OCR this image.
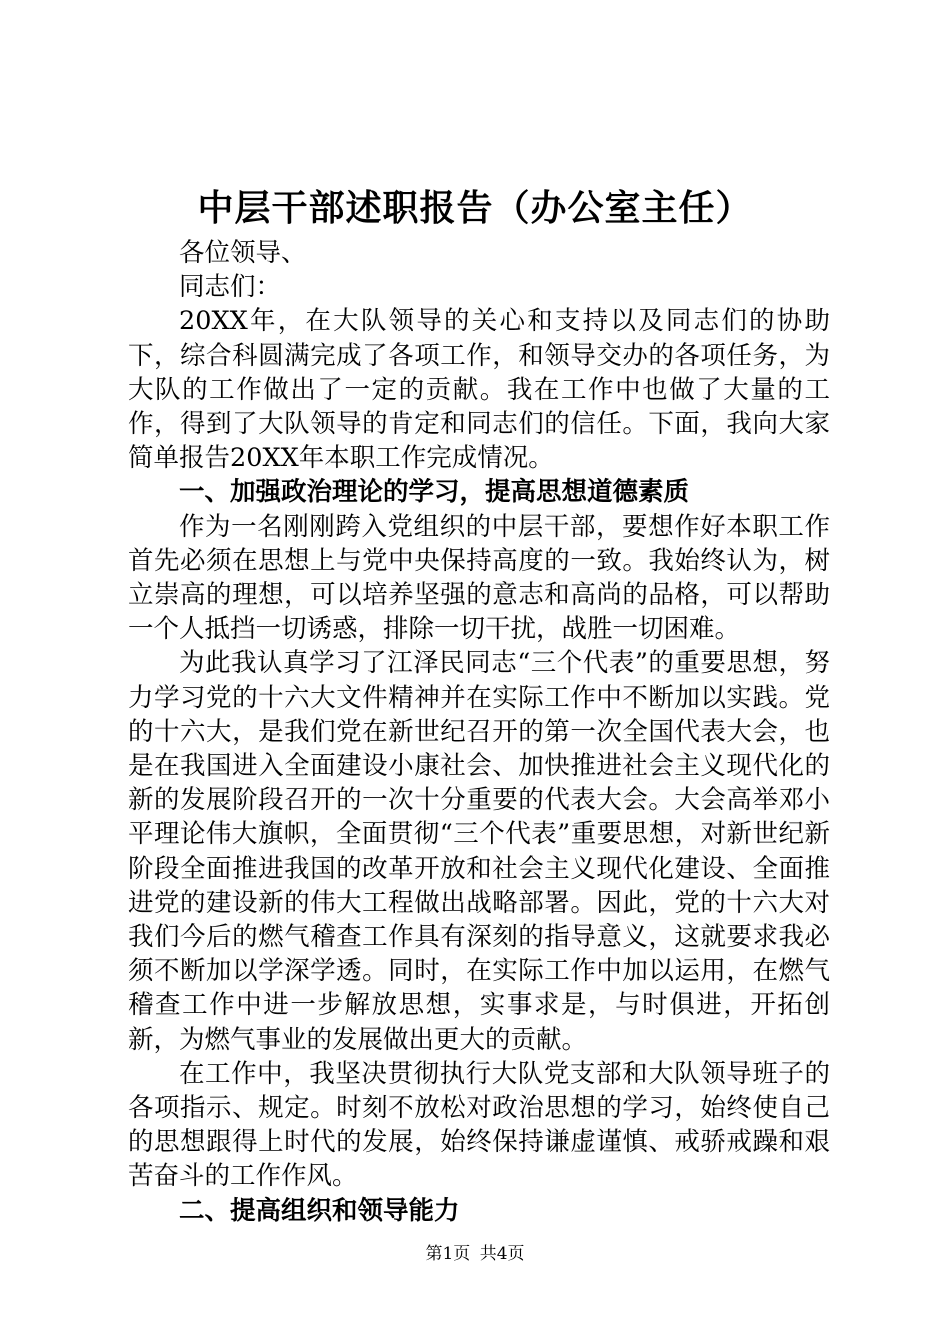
中层干部述职报告（办公室主任）

各位领导、

同志们：

20XX年，在大队领导的关心和支持以及同志们的协助下，综合科圆满完成了各项工作，和领导交办的各项任务，为大队的工作做出了一定的贡献。我在工作中也做了大量的工作，得到了大队领导的肯定和同志们的信任。下面，我向大家简单报告20XX年本职工作完成情况。

一、加强政治理论的学习，提高思想道德素质

作为一名刚刚跨入党组织的中层干部，要想作好本职工作首先必须在思想上与党中央保持高度的一致。我始终认为，树立崇高的理想，可以培养坚强的意志和高尚的品格，可以帮助一个人抵挡一切诱惑，排除一切干扰，战胜一切困难。

为此我认真学习了江泽民同志“三个代表”的重要思想，努力学习党的十六大文件精神并在实际工作中不断加以实践。党的十六大，是我们党在新世纪召开的第一次全国代表大会，也是在我国进入全面建设小康社会、加快推进社会主义现代化的新的发展阶段召开的一次十分重要的代表大会。大会高举邓小平理论伟大旗帜，全面贯彻“三个代表”重要思想，对新世纪新阶段全面推进我国的改革开放和社会主义现代化建设、全面推进党的建设新的伟大工程做出战略部署。因此，党的十六大对我们今后的燃气稽查工作具有深刻的指导意义，这就要求我必须不断加以学深学透。同时，在实际工作中加以运用，在燃气稽查工作中进一步解放思想，实事求是，与时俱进，开拓创新，为燃气事业的发展做出更大的贡献。

在工作中，我坚决贯彻执行大队党支部和大队领导班子的各项指示、规定。时刻不放松对政治思想的学习，始终使自己的思想跟得上时代的发展，始终保持谦虚谨慎、戒骄戒躁和艰苦奋斗的工作作风。

二、提高组织和领导能力

第1页 共4页
